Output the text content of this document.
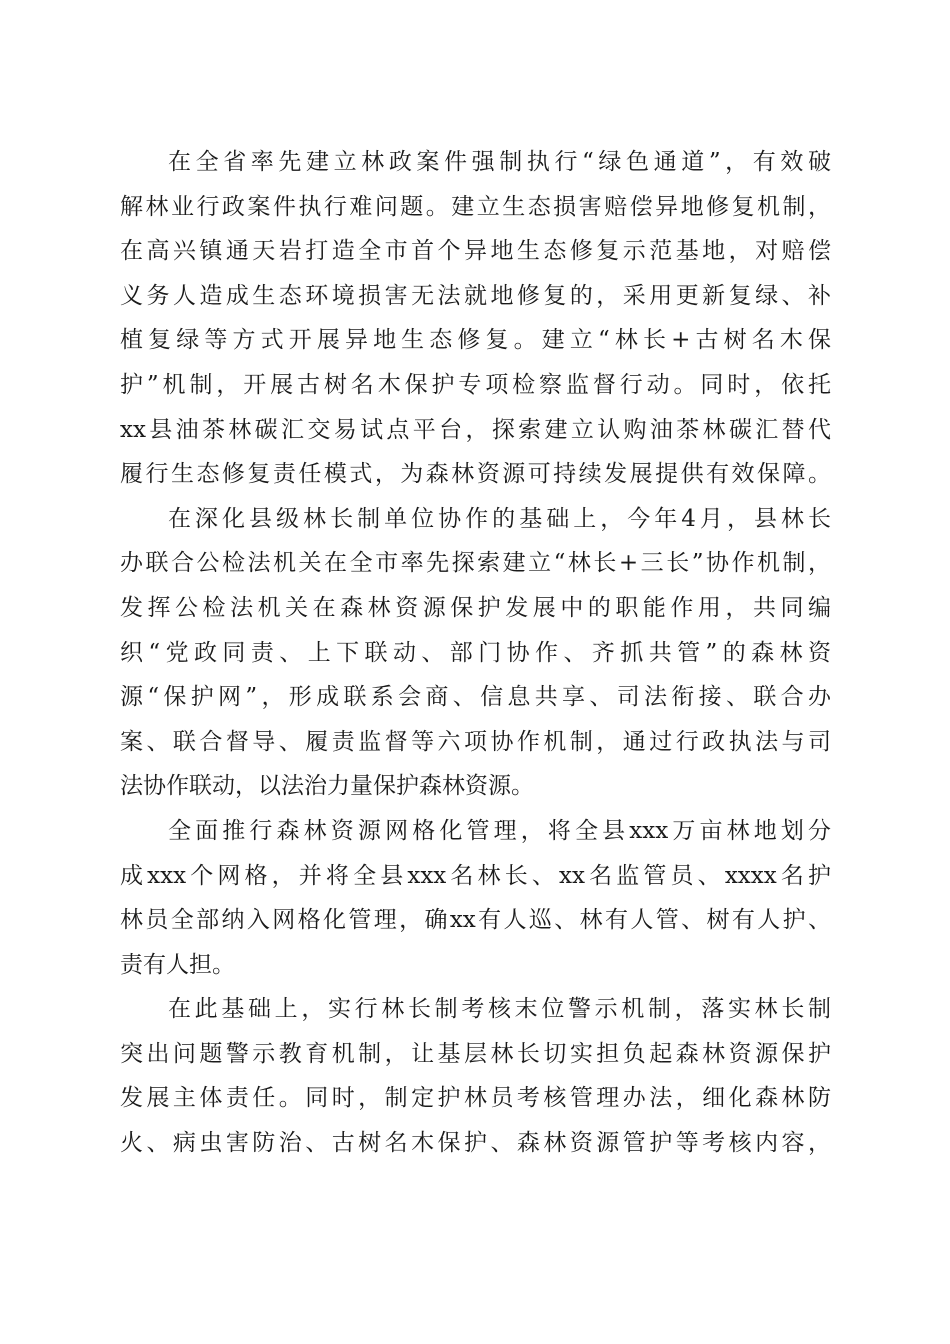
在全省率先建立林政案件强制执行“绿色通道”，有效破
解林业行政案件执行难问题。建立生态损害赔偿异地修复机制，
在高兴镇通天岩打造全市首个异地生态修复示范基地，对赔偿
义务人造成生态环境损害无法就地修复的，采用更新复绿、补
植复绿等方式开展异地生态修复。建立“林长+古树名木保
护”机制，开展古树名木保护专项检察监督行动。同时，依托
xx县油茶林碳汇交易试点平台，探索建立认购油茶林碳汇替代
履行生态修复责任模式，为森林资源可持续发展提供有效保障。
在深化县级林长制单位协作的基础上，今年4月，县林长
办联合公检法机关在全市率先探索建立“林长+三长”协作机制，
发挥公检法机关在森林资源保护发展中的职能作用，共同编
织“党政同责、上下联动、部门协作、齐抓共管”的森林资
源“保护网”，形成联系会商、信息共享、司法衔接、联合办
案、联合督导、履责监督等六项协作机制，通过行政执法与司
法协作联动，以法治力量保护森林资源。
全面推行森林资源网格化管理，将全县xxx万亩林地划分
成xxx个网格，并将全县xxx名林长、xx名监管员、xxxx名护
林员全部纳入网格化管理，确xx有人巡、林有人管、树有人护、
责有人担。
在此基础上，实行林长制考核末位警示机制，落实林长制
突出问题警示教育机制，让基层林长切实担负起森林资源保护
发展主体责任。同时，制定护林员考核管理办法，细化森林防
火、病虫害防治、古树名木保护、森林资源管护等考核内容，
